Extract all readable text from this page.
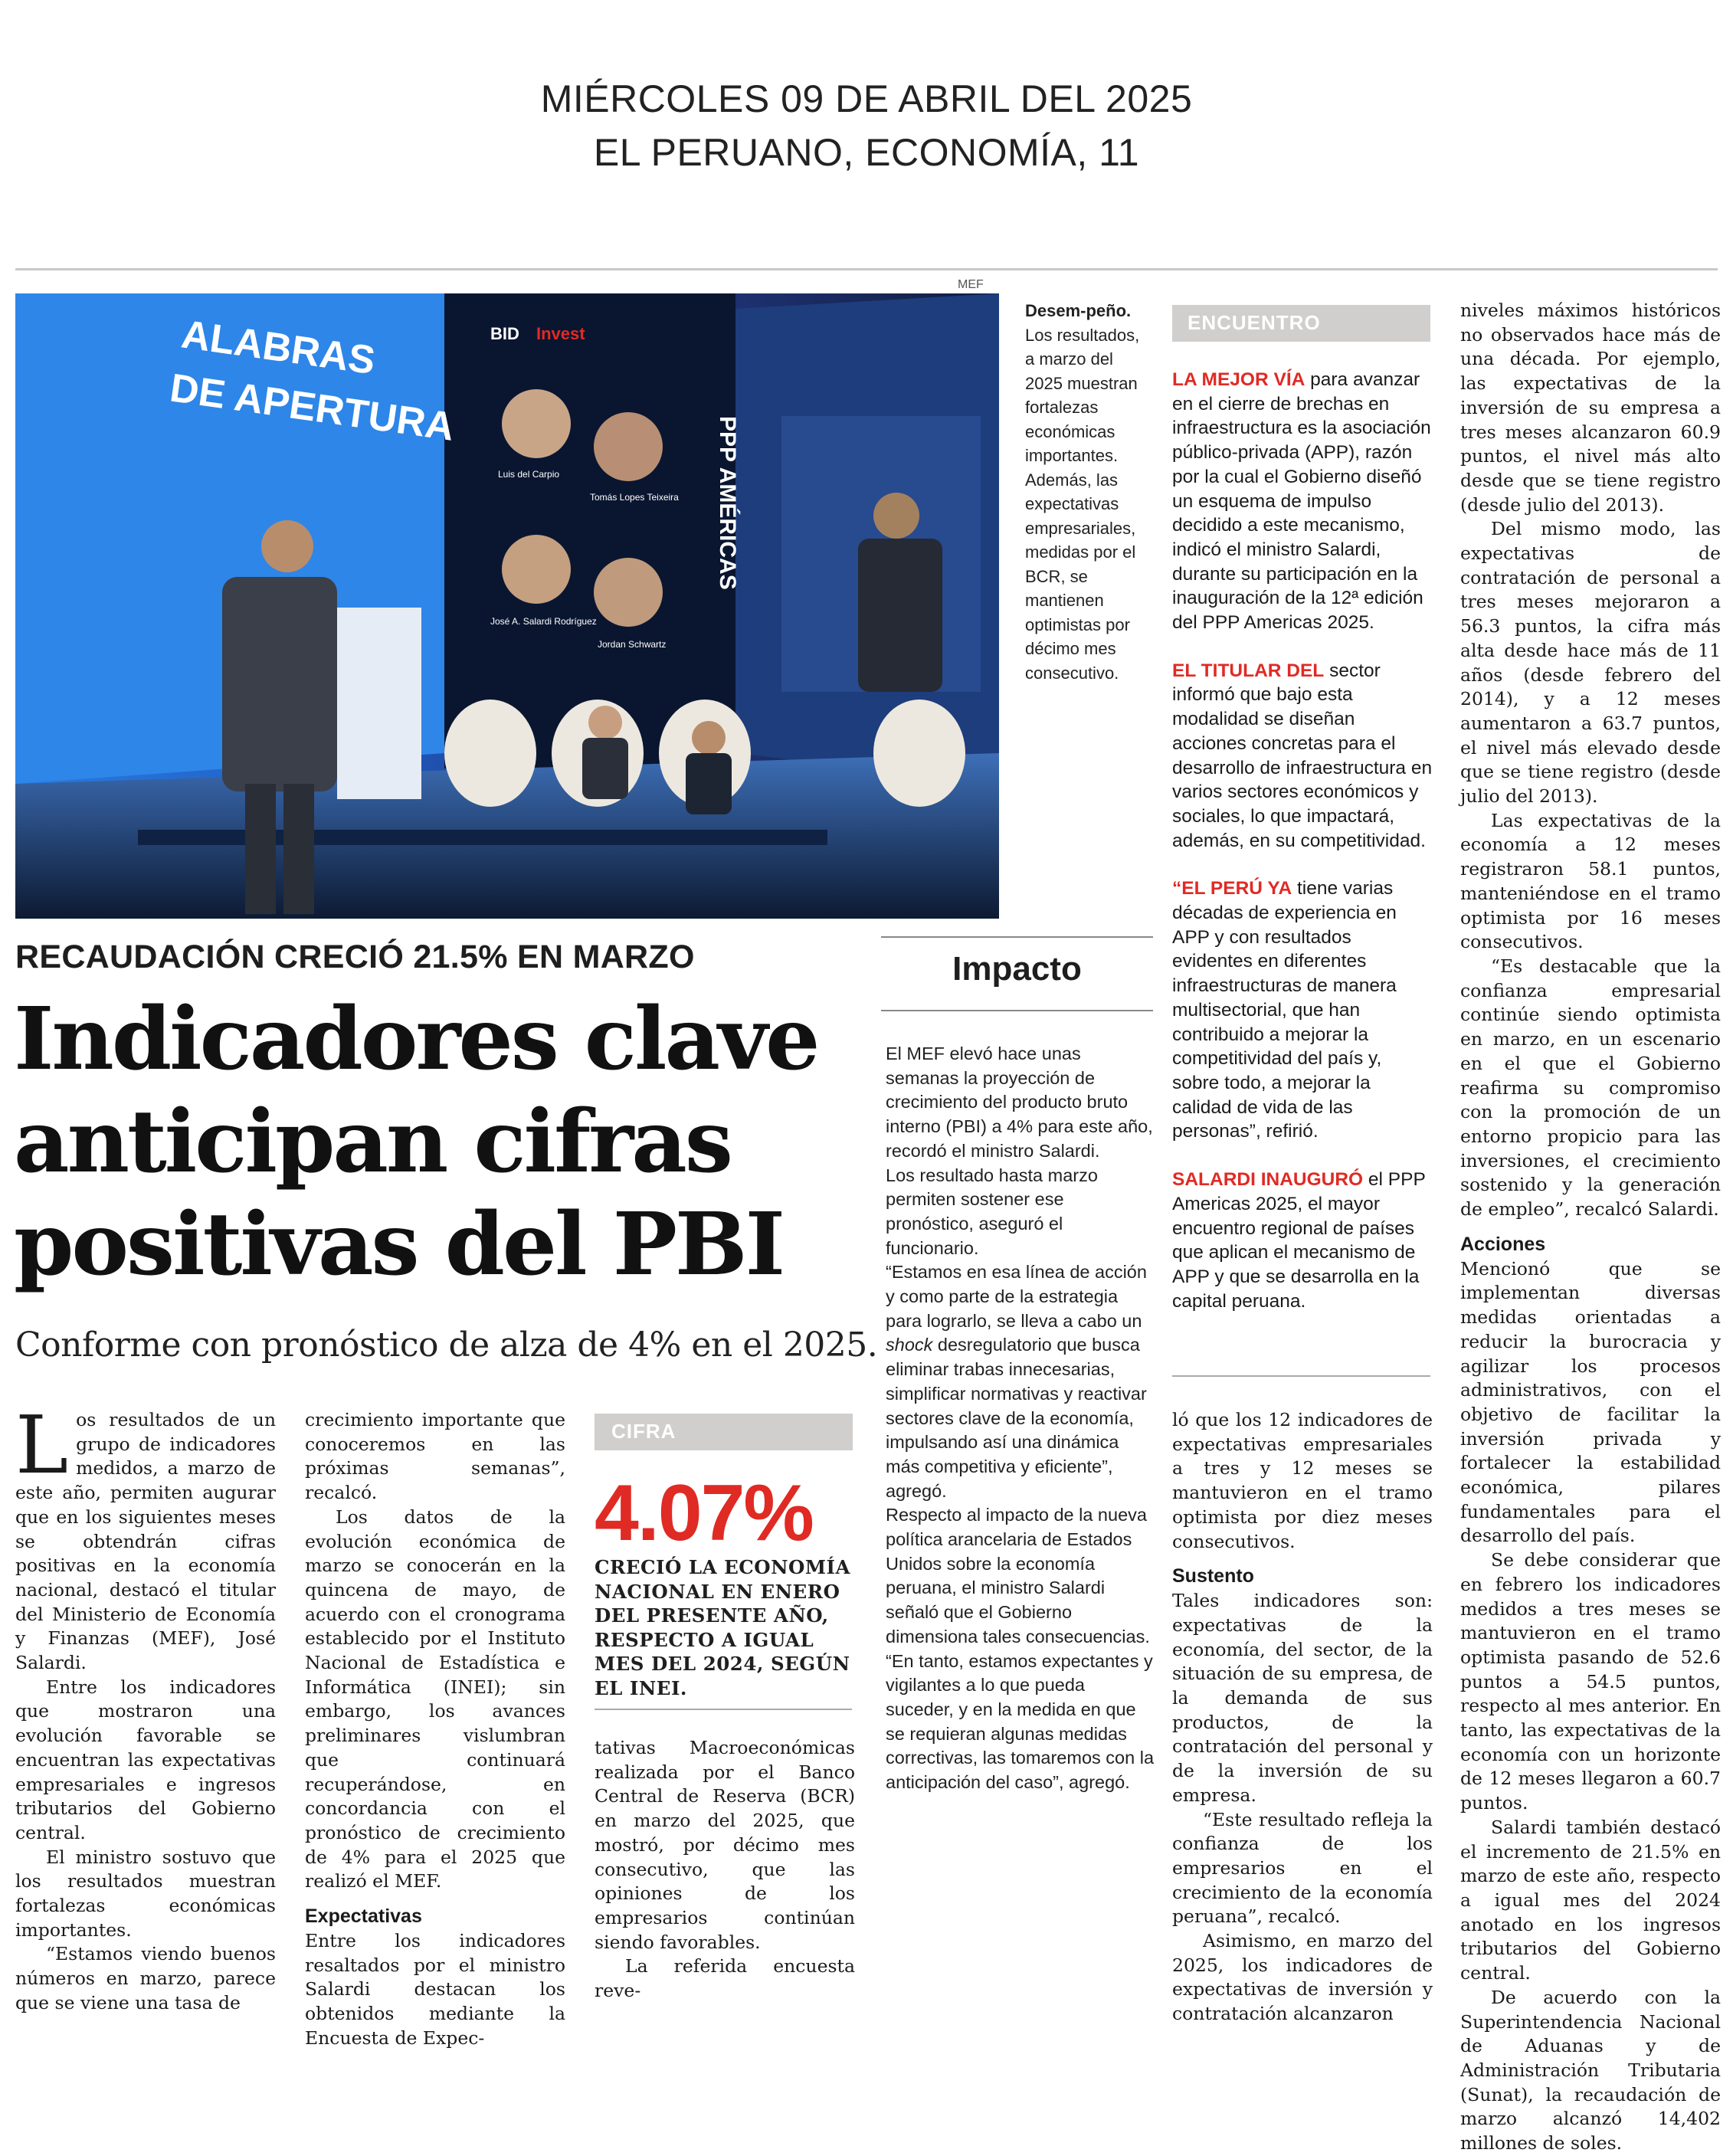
MIÉRCOLES 09 DE ABRIL DEL 2025
EL PERUANO, ECONOMÍA, 11
MEF
ALABRAS
DE APERTURA
BID Invest
PPP AMÉRICAS
Luis del Carpio
Tomás Lopes Teixeira
José A. Salardi Rodríguez
Jordan Schwartz
Desem-peño. Los resultados, a marzo del 2025 muestran fortalezas económicas importantes. Además, las expectativas empresariales, medidas por el BCR, se mantienen optimistas por décimo mes consecutivo.
RECAUDACIÓN CRECIÓ 21.5% EN MARZO
Indicadores clave anticipan cifras positivas del PBI
Conforme con pronóstico de alza de 4% en el 2025.

Los resultados de un grupo de indicadores medidos, a marzo de este año, permiten augurar que en los siguientes meses se obtendrán cifras positivas en la economía nacional, destacó el titular del Ministerio de Economía y Finanzas (MEF), José Salardi.

Entre los indicadores que mostraron una evolución favorable se encuentran las expectativas empresariales e ingresos tributarios del Gobierno central.

El ministro sostuvo que los resultados muestran fortalezas económicas importantes.

“Estamos viendo buenos números en marzo, parece que se viene una tasa de

crecimiento importante que conoceremos en las próximas semanas”, recalcó.

Los datos de la evolución económica de marzo se conocerán en la quincena de mayo, de acuerdo con el cronograma establecido por el Instituto Nacional de Estadística e Informática (INEI); sin embargo, los avances preliminares vislumbran que continuará recuperándose, en concordancia con el pronóstico de crecimiento de 4% para el 2025 que realizó el MEF.

Expectativas

Entre los indicadores resaltados por el ministro Salardi destacan los obtenidos mediante la Encuesta de Expec-

CIFRA
4.07%
CRECIÓ LA ECONOMÍA NACIONAL EN ENERO DEL PRESENTE AÑO, RESPECTO A IGUAL MES DEL 2024, SEGÚN EL INEI.

tativas Macroeconómicas realizada por el Banco Central de Reserva (BCR) en marzo del 2025, que mostró, por décimo mes consecutivo, que las opiniones de los empresarios continúan siendo favorables.

La referida encuesta reve-

Impacto
El MEF elevó hace unas semanas la proyección de crecimiento del producto bruto interno (PBI) a 4% para este año, recordó el ministro Salardi.
Los resultado hasta marzo permiten sostener ese pronóstico, aseguró el funcionario.
“Estamos en esa línea de acción y como parte de la estrategia para lograrlo, se lleva a cabo un shock desregulatorio que busca eliminar trabas innecesarias, simplificar normativas y reactivar sectores clave de la economía, impulsando así una dinámica más competitiva y eficiente”, agregó.
Respecto al impacto de la nueva política arancelaria de Estados Unidos sobre la economía peruana, el ministro Salardi señaló que el Gobierno dimensiona tales consecuencias.
“En tanto, estamos expectantes y vigilantes a lo que pueda suceder, y en la medida en que se requieran algunas medidas correctivas, las tomaremos con la anticipación del caso”, agregó.
ENCUENTRO

LA MEJOR VÍA para avanzar en el cierre de brechas en infraestructura es la asociación público-privada (APP), razón por la cual el Gobierno diseñó un esquema de impulso decidido a este mecanismo, indicó el ministro Salardi, durante su participación en la inauguración de la 12ª edición del PPP Americas 2025.

EL TITULAR DEL sector informó que bajo esta modalidad se diseñan acciones concretas para el desarrollo de infraestructura en varios sectores económicos y sociales, lo que impactará, además, en su competitividad.

“EL PERÚ YA tiene varias décadas de experiencia en APP y con resultados evidentes en diferentes infraestructuras de manera multisectorial, que han contribuido a mejorar la competitividad del país y, sobre todo, a mejorar la calidad de vida de las personas”, refirió.

SALARDI INAUGURÓ el PPP Americas 2025, el mayor encuentro regional de países que aplican el mecanismo de APP y que se desarrolla en la capital peruana.

ló que los 12 indicadores de expectativas empresariales a tres y 12 meses se mantuvieron en el tramo optimista por diez meses consecutivos.

Sustento

Tales indicadores son: expectativas de la economía, del sector, de la situación de su empresa, de la demanda de sus productos, de la contratación del personal y de la inversión de su empresa.

“Este resultado refleja la confianza de los empresarios en el crecimiento de la economía peruana”, recalcó.

Asimismo, en marzo del 2025, los indicadores de expectativas de inversión y contratación alcanzaron

niveles máximos históricos no observados hace más de una década. Por ejemplo, las expectativas de la inversión de su empresa a tres meses alcanzaron 60.9 puntos, el nivel más alto desde que se tiene registro (desde julio del 2013).

Del mismo modo, las expectativas de contratación de personal a tres meses mejoraron a 56.3 puntos, la cifra más alta desde hace más de 11 años (desde febrero del 2014), y a 12 meses aumentaron a 63.7 puntos, el nivel más elevado desde que se tiene registro (desde julio del 2013).

Las expectativas de la economía a 12 meses registraron 58.1 puntos, manteniéndose en el tramo optimista por 16 meses consecutivos.

“Es destacable que la confianza empresarial continúe siendo optimista en marzo, en un escenario en el que el Gobierno reafirma su compromiso con la promoción de un entorno propicio para las inversiones, el crecimiento sostenido y la generación de empleo”, recalcó Salardi.

Acciones

Mencionó que se implementan diversas medidas orientadas a reducir la burocracia y agilizar los procesos administrativos, con el objetivo de facilitar la inversión privada y fortalecer la estabilidad económica, pilares fundamentales para el desarrollo del país.

Se debe considerar que en febrero los indicadores medidos a tres meses se mantuvieron en el tramo optimista pasando de 52.6 puntos a 54.5 puntos, respecto al mes anterior. En tanto, las expectativas de la economía con un horizonte de 12 meses llegaron a 60.7 puntos.

Salardi también destacó el incremento de 21.5% en marzo de este año, respecto a igual mes del 2024 anotado en los ingresos tributarios del Gobierno central.

De acuerdo con la Superintendencia Nacional de Aduanas y de Administración Tributaria (Sunat), la recaudación de marzo alcanzó 14,402 millones de soles.
